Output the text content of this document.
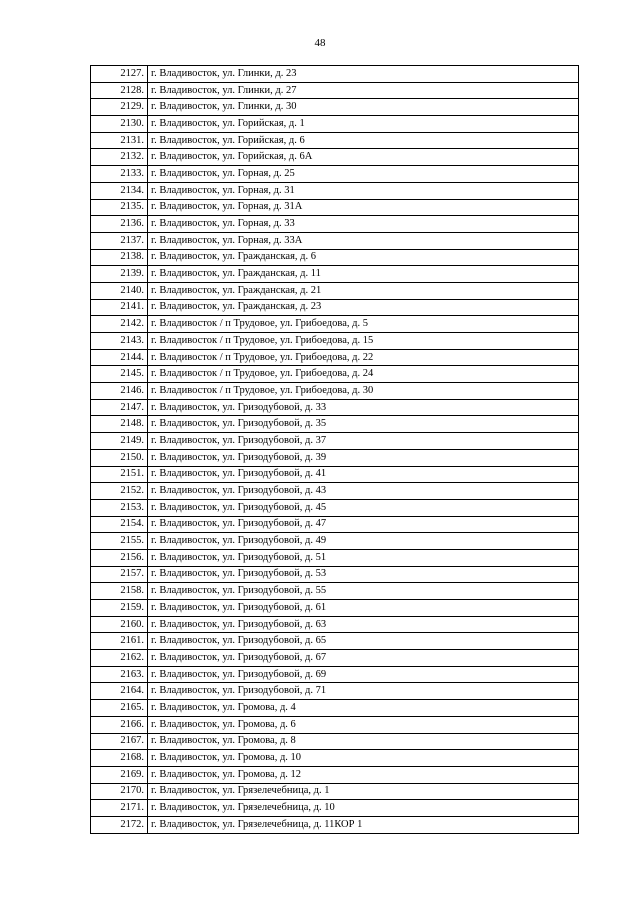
48
2127.	г. Владивосток, ул. Глинки, д. 23
2128.	г. Владивосток, ул. Глинки, д. 27
2129.	г. Владивосток, ул. Глинки, д. 30
2130.	г. Владивосток, ул. Горийская, д. 1
2131.	г. Владивосток, ул. Горийская, д. 6
2132.	г. Владивосток, ул. Горийская, д. 6А
2133.	г. Владивосток, ул. Горная, д. 25
2134.	г. Владивосток, ул. Горная, д. 31
2135.	г. Владивосток, ул. Горная, д. 31А
2136.	г. Владивосток, ул. Горная, д. 33
2137.	г. Владивосток, ул. Горная, д. 33А
2138.	г. Владивосток, ул. Гражданская, д. 6
2139.	г. Владивосток, ул. Гражданская, д. 11
2140.	г. Владивосток, ул. Гражданская, д. 21
2141.	г. Владивосток, ул. Гражданская, д. 23
2142.	г. Владивосток / п Трудовое, ул. Грибоедова, д. 5
2143.	г. Владивосток / п Трудовое, ул. Грибоедова, д. 15
2144.	г. Владивосток / п Трудовое, ул. Грибоедова, д. 22
2145.	г. Владивосток / п Трудовое, ул. Грибоедова, д. 24
2146.	г. Владивосток / п Трудовое, ул. Грибоедова, д. 30
2147.	г. Владивосток, ул. Гризодубовой, д. 33
2148.	г. Владивосток, ул. Гризодубовой, д. 35
2149.	г. Владивосток, ул. Гризодубовой, д. 37
2150.	г. Владивосток, ул. Гризодубовой, д. 39
2151.	г. Владивосток, ул. Гризодубовой, д. 41
2152.	г. Владивосток, ул. Гризодубовой, д. 43
2153.	г. Владивосток, ул. Гризодубовой, д. 45
2154.	г. Владивосток, ул. Гризодубовой, д. 47
2155.	г. Владивосток, ул. Гризодубовой, д. 49
2156.	г. Владивосток, ул. Гризодубовой, д. 51
2157.	г. Владивосток, ул. Гризодубовой, д. 53
2158.	г. Владивосток, ул. Гризодубовой, д. 55
2159.	г. Владивосток, ул. Гризодубовой, д. 61
2160.	г. Владивосток, ул. Гризодубовой, д. 63
2161.	г. Владивосток, ул. Гризодубовой, д. 65
2162.	г. Владивосток, ул. Гризодубовой, д. 67
2163.	г. Владивосток, ул. Гризодубовой, д. 69
2164.	г. Владивосток, ул. Гризодубовой, д. 71
2165.	г. Владивосток, ул. Громова, д. 4
2166.	г. Владивосток, ул. Громова, д. 6
2167.	г. Владивосток, ул. Громова, д. 8
2168.	г. Владивосток, ул. Громова, д. 10
2169.	г. Владивосток, ул. Громова, д. 12
2170.	г. Владивосток, ул. Грязелечебница, д. 1
2171.	г. Владивосток, ул. Грязелечебница, д. 10
2172.	г. Владивосток, ул. Грязелечебница, д. 11КОР 1
